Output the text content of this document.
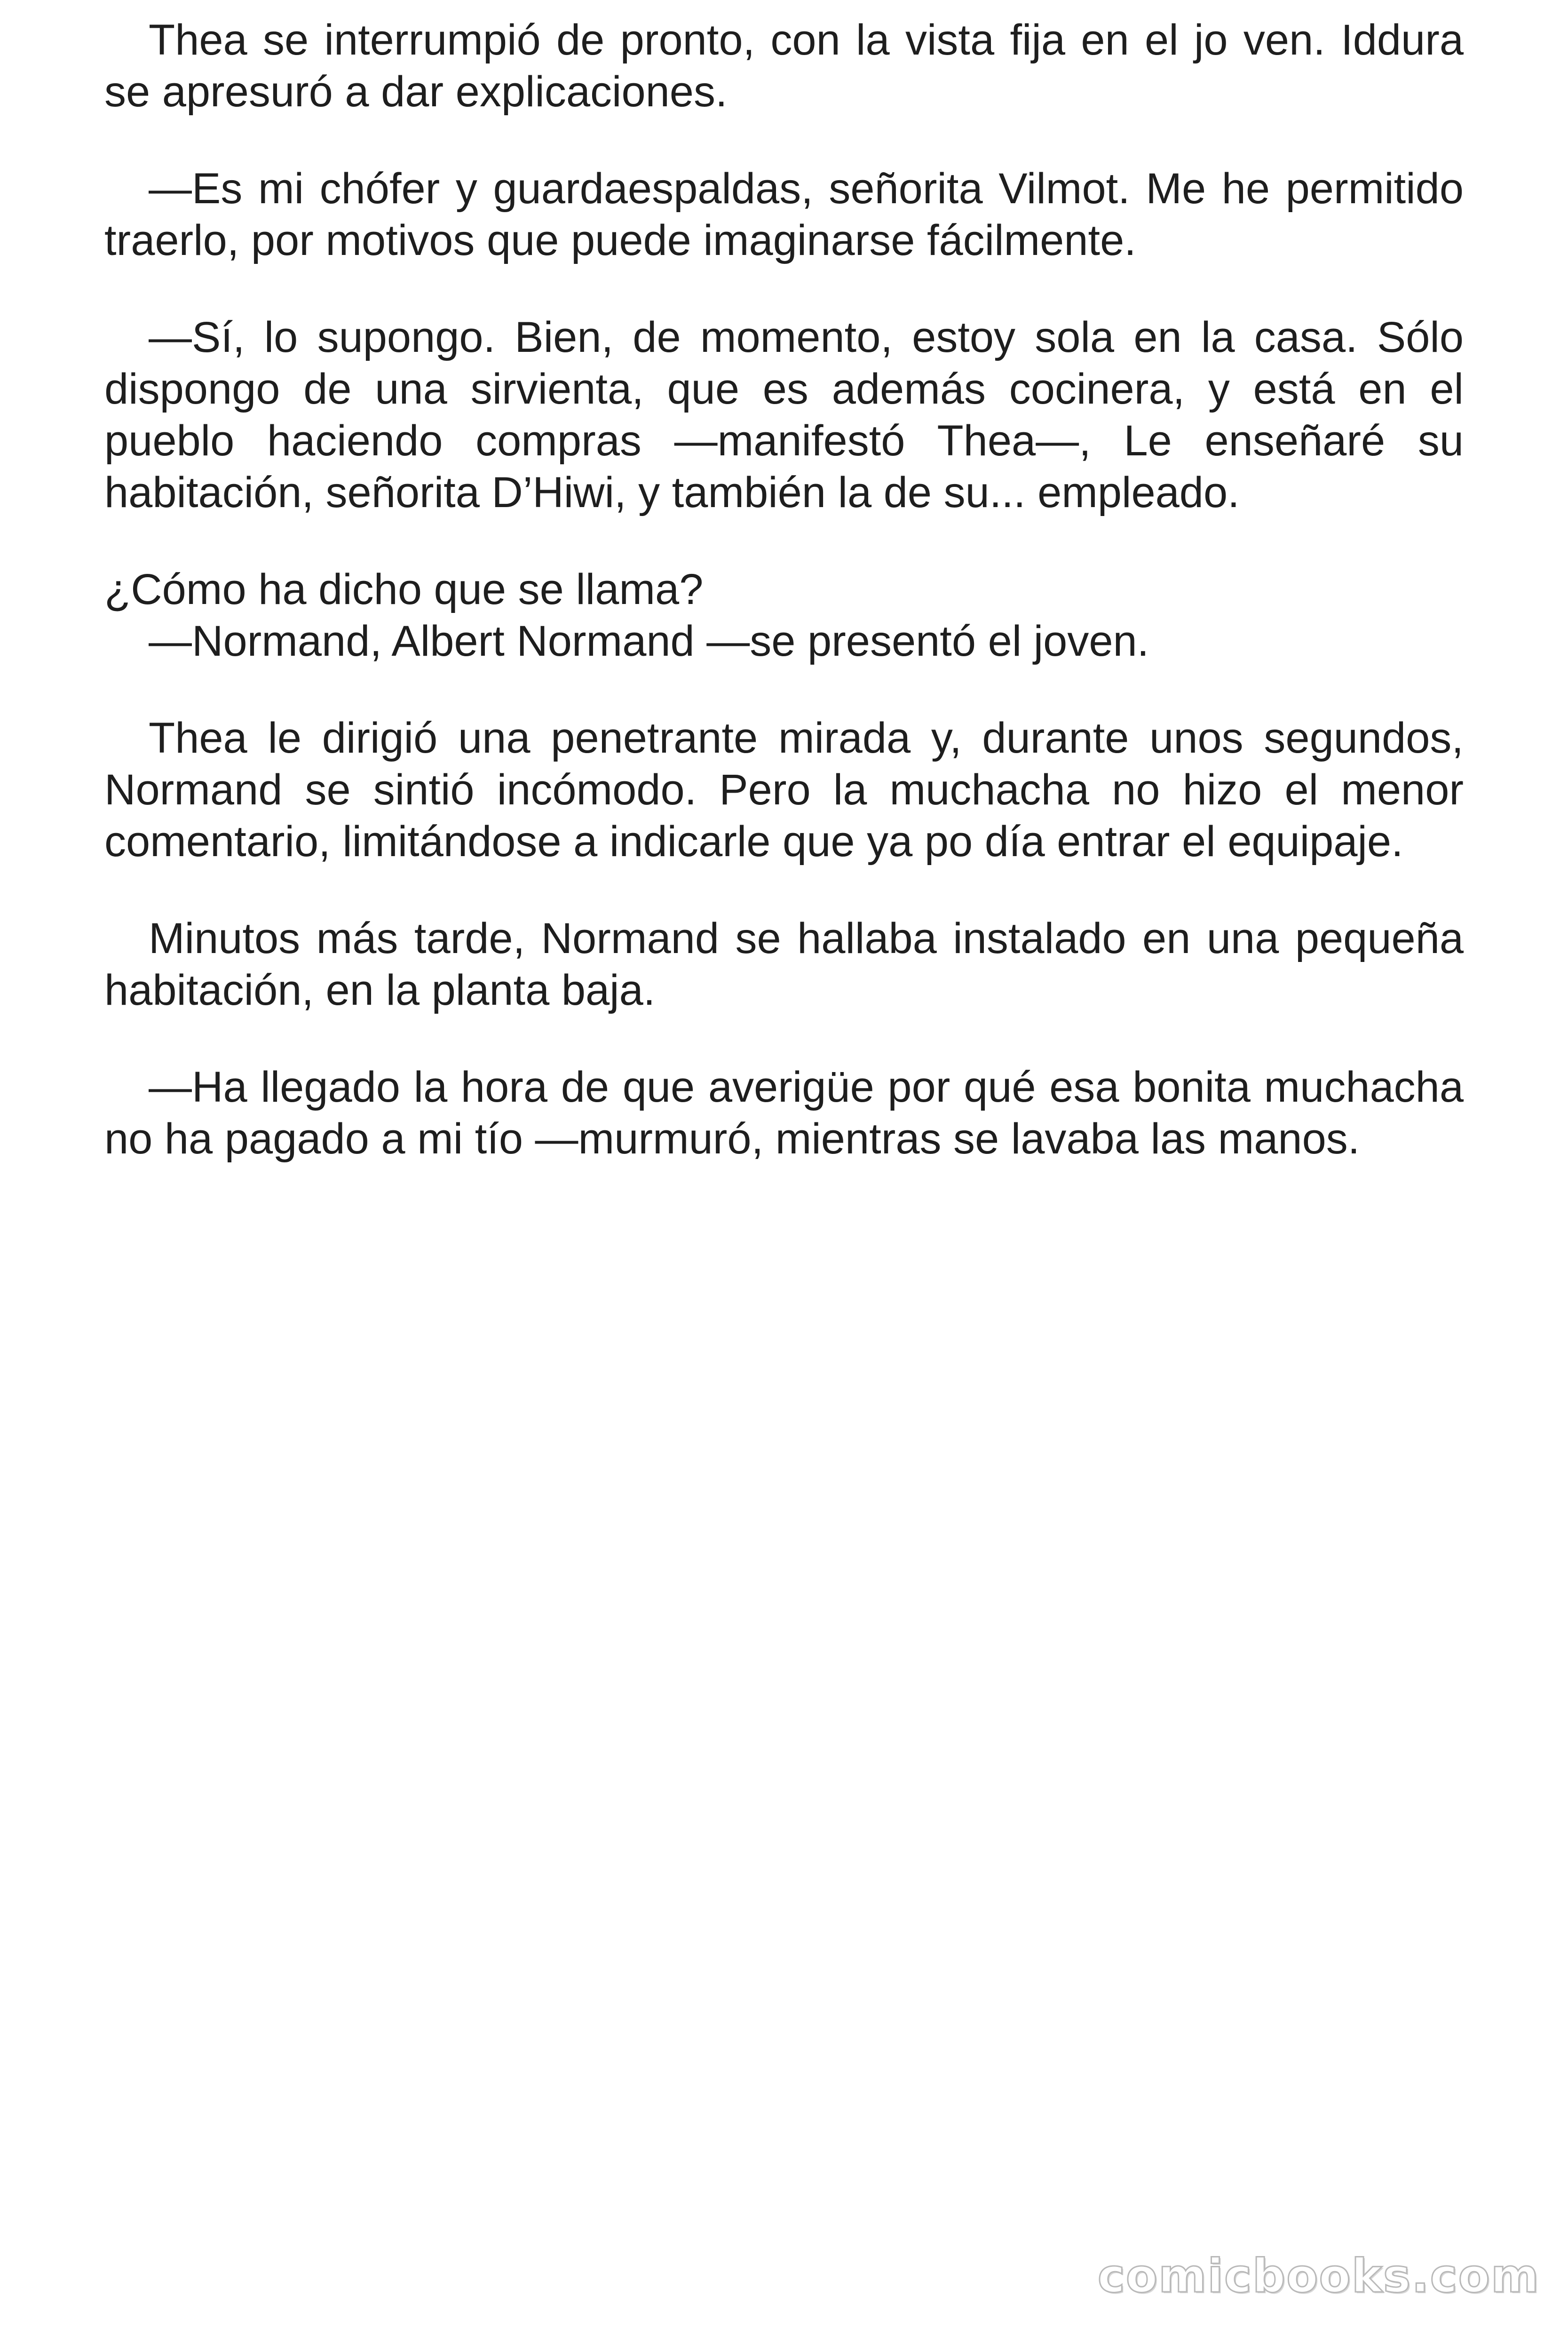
Thea se interrumpió de pronto, con la vista fija en el jo ven. Iddura se apresuró a dar explicaciones.

—Es mi chófer y guardaespaldas, señorita Vilmot. Me he permitido traerlo, por motivos que puede imaginarse fácilmente.

—Sí, lo supongo. Bien, de momento, estoy sola en la casa. Sólo dispongo de una sirvienta, que es además cocinera, y está en el pueblo haciendo compras —manifestó Thea—, Le enseñaré su habitación, señorita D’Hiwi, y también la de su... empleado.

¿Cómo ha dicho que se llama?

—Normand, Albert Normand —se presentó el joven.

Thea le dirigió una penetrante mirada y, durante unos segundos, Normand se sintió incómodo. Pero la muchacha no hizo el menor comentario, limitándose a indicarle que ya po día entrar el equipaje.

Minutos más tarde, Normand se hallaba instalado en una pequeña habitación, en la planta baja.

—Ha llegado la hora de que averigüe por qué esa bonita muchacha no ha pagado a mi tío —murmuró, mientras se lavaba las manos.

comicbooks.com
